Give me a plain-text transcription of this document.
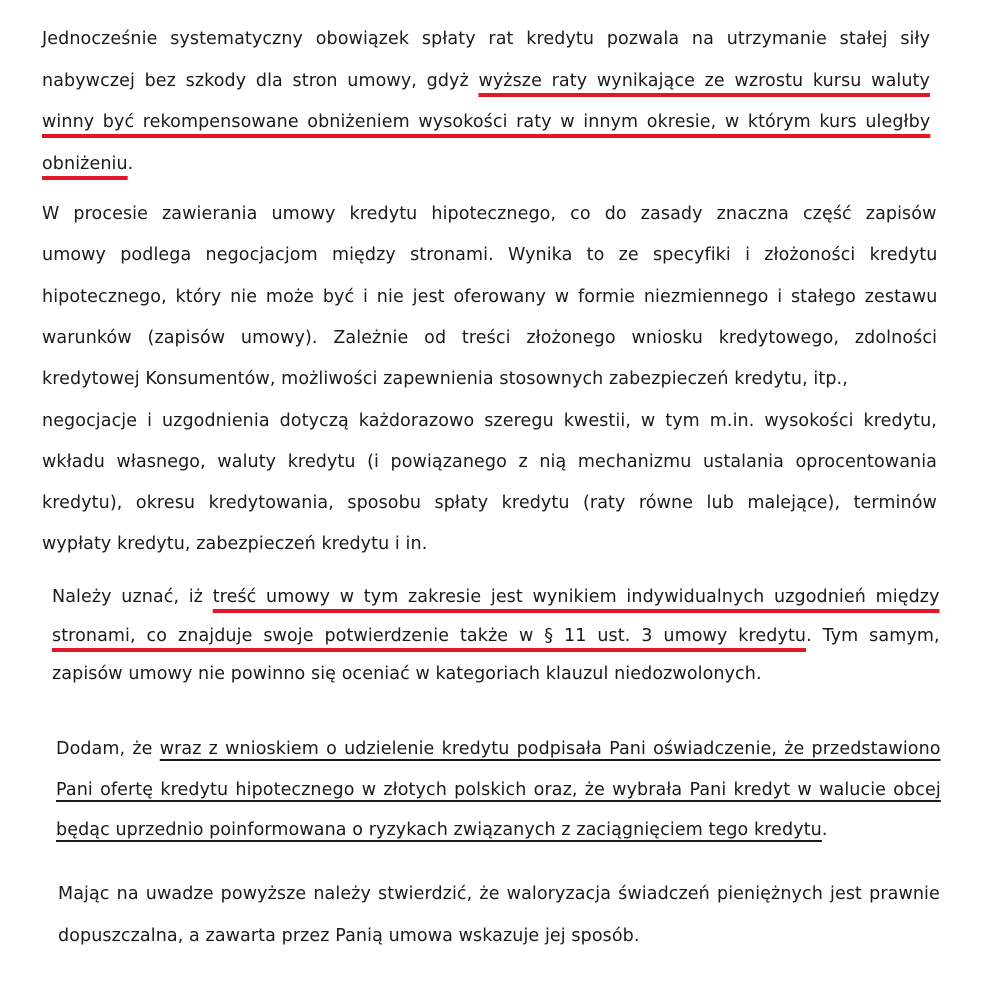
Jednocześnie systematyczny obowiązek spłaty rat kredytu pozwala na utrzymanie stałej siły
nabywczej bez szkody dla stron umowy, gdyż wyższe raty wynikające ze wzrostu kursu waluty
winny być rekompensowane obniżeniem wysokości raty w innym okresie, w którym kurs uległby
obniżeniu.
W procesie zawierania umowy kredytu hipotecznego, co do zasady znaczna część zapisów
umowy podlega negocjacjom między stronami. Wynika to ze specyfiki i złożoności kredytu
hipotecznego, który nie może być i nie jest oferowany w formie niezmiennego i stałego zestawu
warunków (zapisów umowy). Zależnie od treści złożonego wniosku kredytowego, zdolności
kredytowej Konsumentów, możliwości zapewnienia stosownych zabezpieczeń kredytu, itp.,
negocjacje i uzgodnienia dotyczą każdorazowo szeregu kwestii, w tym m.in. wysokości kredytu,
wkładu własnego, waluty kredytu (i powiązanego z nią mechanizmu ustalania oprocentowania
kredytu), okresu kredytowania, sposobu spłaty kredytu (raty równe lub malejące), terminów
wypłaty kredytu, zabezpieczeń kredytu i in.
Należy uznać, iż treść umowy w tym zakresie jest wynikiem indywidualnych uzgodnień między
stronami, co znajduje swoje potwierdzenie także w § 11 ust. 3 umowy kredytu. Tym samym,
zapisów umowy nie powinno się oceniać w kategoriach klauzul niedozwolonych.
Dodam, że wraz z wnioskiem o udzielenie kredytu podpisała Pani oświadczenie, że przedstawiono
Pani ofertę kredytu hipotecznego w złotych polskich oraz, że wybrała Pani kredyt w walucie obcej
będąc uprzednio poinformowana o ryzykach związanych z zaciągnięciem tego kredytu.
Mając na uwadze powyższe należy stwierdzić, że waloryzacja świadczeń pieniężnych jest prawnie
dopuszczalna, a zawarta przez Panią umowa wskazuje jej sposób.
